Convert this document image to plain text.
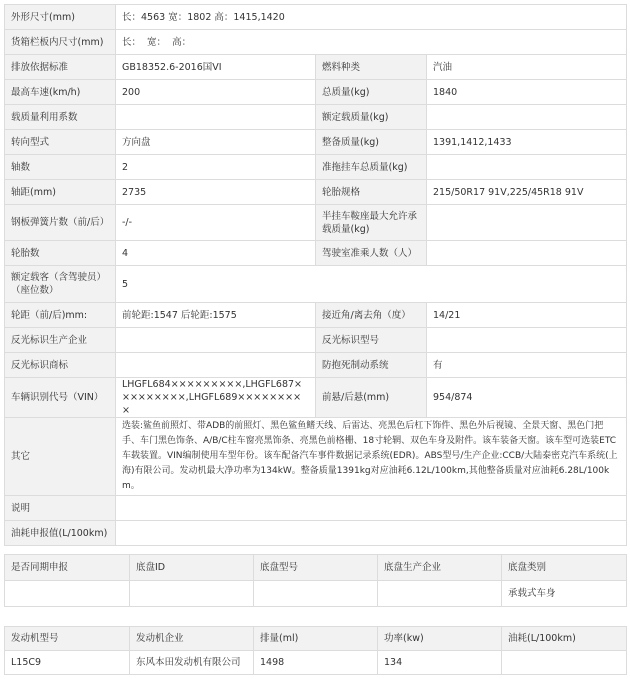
外形尺寸(mm)	长：4563 宽：1802 高：1415,1420		
货箱栏板内尺寸(mm)	长：  宽：  高：		
排放依据标准	GB18352.6-2016国VI	燃料种类	汽油
最高车速(km/h)	200	总质量(kg)	1840
载质量利用系数		额定载质量(kg)	
转向型式	方向盘	整备质量(kg)	1391,1412,1433
轴数	2	准拖挂车总质量(kg)	
轴距(mm)	2735	轮胎规格	215/50R17 91V,225/45R18 91V
钢板弹簧片数（前/后）	-/-	半挂车鞍座最大允许承载质量(kg)	
轮胎数	4	驾驶室准乘人数（人）	
额定载客（含驾驶员）（座位数）	5		
轮距（前/后)mm:	前轮距:1547 后轮距:1575	接近角/离去角（度）	14/21
反光标识生产企业		反光标识型号	
反光标识商标		防抱死制动系统	有
车辆识别代号（VIN）	LHGFL684×××××××××,LHGFL687×××××××××,LHGFL689×××××××××	前悬/后悬(mm)	954/874
其它	选装:鲨鱼前照灯、带ADB的前照灯、黑色鲨鱼鳍天线、后雷达、亮黑色后杠下饰件、黑色外后视镜、全景天窗、黑色门把手、车门黑色饰条、A/B/C柱车窗亮黑饰条、亮黑色前格栅、18寸轮辋、双色车身及附件。该车装备天窗。该车型可选装ETC车载装置。VIN编制使用车型年份。该车配备汽车事件数据记录系统(EDR)。ABS型号/生产企业:CCB/大陆泰密克汽车系统(上海)有限公司。发动机最大净功率为134kW。整备质量1391kg对应油耗6.12L/100km,其他整备质量对应油耗6.28L/100km。		
说明			
油耗申报值(L/100km)			
是否同期申报	底盘ID	底盘型号	底盘生产企业	底盘类别
				承载式车身
发动机型号	发动机企业	排量(ml)	功率(kw)	油耗(L/100km)
L15C9	东风本田发动机有限公司	1498	134	
